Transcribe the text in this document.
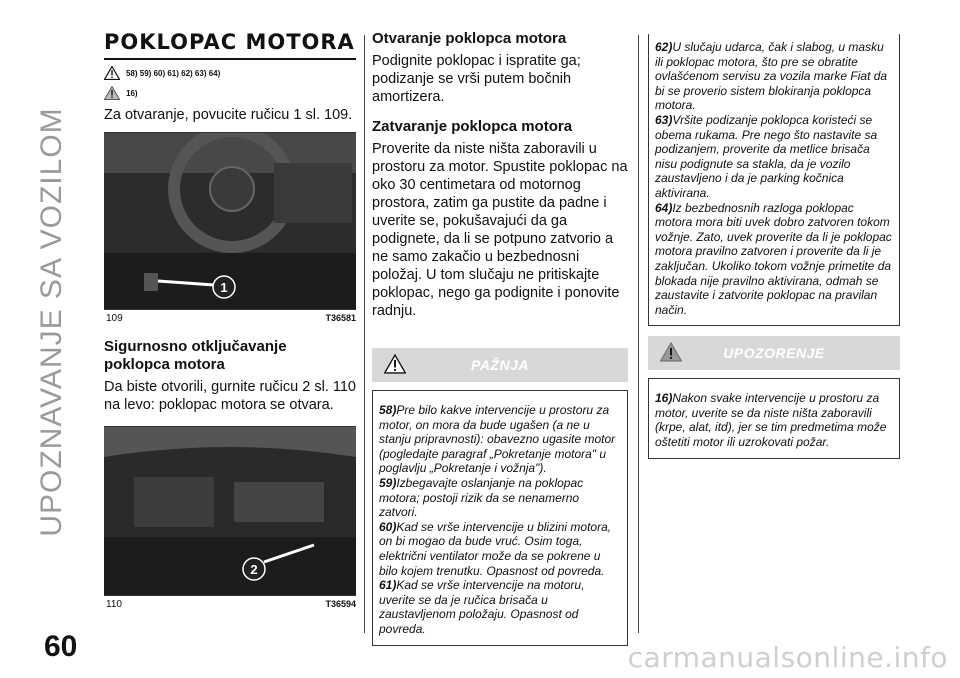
UPOZNAVANJE SA VOZILOM
POKLOPAC MOTORA
58) 59) 60) 61) 62) 63) 64)
16)

Za otvaranje, povucite ručicu 1 sl. 109.

1
109	T36581
Sigurnosno otključavanje poklopca motora

Da biste otvorili, gurnite ručicu 2 sl. 110 na levo: poklopac motora se otvara.

2
110	T36594
Otvaranje poklopca motora

Podignite poklopac i ispratite ga; podizanje se vrši putem bočnih amortizera.

Zatvaranje poklopca motora

Proverite da niste ništa zaboravili u prostoru za motor. Spustite poklopac na oko 30 centimetara od motornog prostora, zatim ga pustite da padne i uverite se, pokušavajući da ga podignete, da li se potpuno zatvorio a ne samo zakačio u bezbednosni položaj. U tom slučaju ne pritiskajte poklopac, nego ga podignite i ponovite radnju.

PAŽNJA

58)Pre bilo kakve intervencije u prostoru za motor, on mora da bude ugašen (a ne u stanju pripravnosti): obavezno ugasite motor (pogledajte paragraf „Pokretanje motora" u poglavlju „Pokretanje i vožnja").

59)Izbegavajte oslanjanje na poklopac motora; postoji rizik da se nenamerno zatvori.

60)Kad se vrše intervencije u blizini motora, on bi mogao da bude vruć. Osim toga, električni ventilator može da se pokrene u bilo kojem trenutku. Opasnost od povreda.

61)Kad se vrše intervencije na motoru, uverite se da je ručica brisača u zaustavljenom položaju. Opasnost od povreda.

62)U slučaju udarca, čak i slabog, u masku ili poklopac motora, što pre se obratite ovlašćenom servisu za vozila marke Fiat da bi se proverio sistem blokiranja poklopca motora.

63)Vršite podizanje poklopca koristeći se obema rukama. Pre nego što nastavite sa podizanjem, proverite da metlice brisača nisu podignute sa stakla, da je vozilo zaustavljeno i da je parking kočnica aktivirana.

64)Iz bezbednosnih razloga poklopac motora mora biti uvek dobro zatvoren tokom vožnje. Zato, uvek proverite da li je poklopac motora pravilno zatvoren i proverite da li je zaključan. Ukoliko tokom vožnje primetite da blokada nije pravilno aktivirana, odmah se zaustavite i zatvorite poklopac na pravilan način.

UPOZORENJE

16)Nakon svake intervencije u prostoru za motor, uverite se da niste ništa zaboravili (krpe, alat, itd), jer se tim predmetima može oštetiti motor ili uzrokovati požar.

60	carmanualsonline.info
